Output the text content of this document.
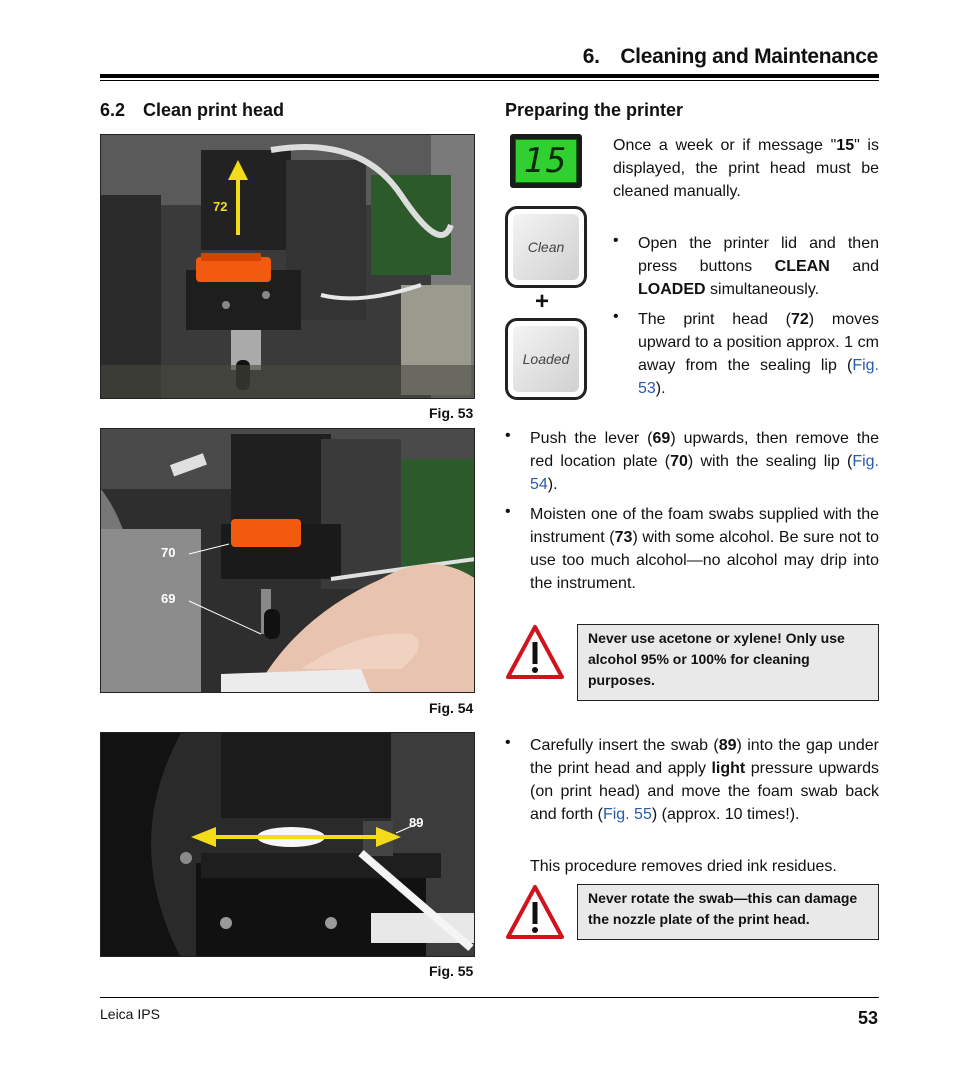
6. Cleaning and Maintenance
6.2 Clean print head
72
Fig. 53
70
69
Fig. 54
89
Fig. 55
Preparing the printer
15
Clean
+
Loaded
Once a week or if message "15" is displayed, the print head must be cleaned manually.
• Open the printer lid and then press buttons CLEAN and LOADED simultaneously.
• The print head (72) moves upward to a position approx. 1 cm away from the sealing lip (Fig. 53).
• Push the lever (69) upwards, then remove the red location plate (70) with the sealing lip (Fig. 54).
• Moisten one of the foam swabs supplied with the instrument (73) with some alcohol. Be sure not to use too much alcohol—no alcohol may drip into the instrument.
Never use acetone or xylene! Only use alcohol 95% or 100% for cleaning purposes.
• Carefully insert the swab (89) into the gap under the print head and apply light pressure upwards (on print head) and move the foam swab back and forth (Fig. 55) (approx. 10 times!).
This procedure removes dried ink residues.
Never rotate the swab—this can damage the nozzle plate of the print head.
Leica IPS	53
